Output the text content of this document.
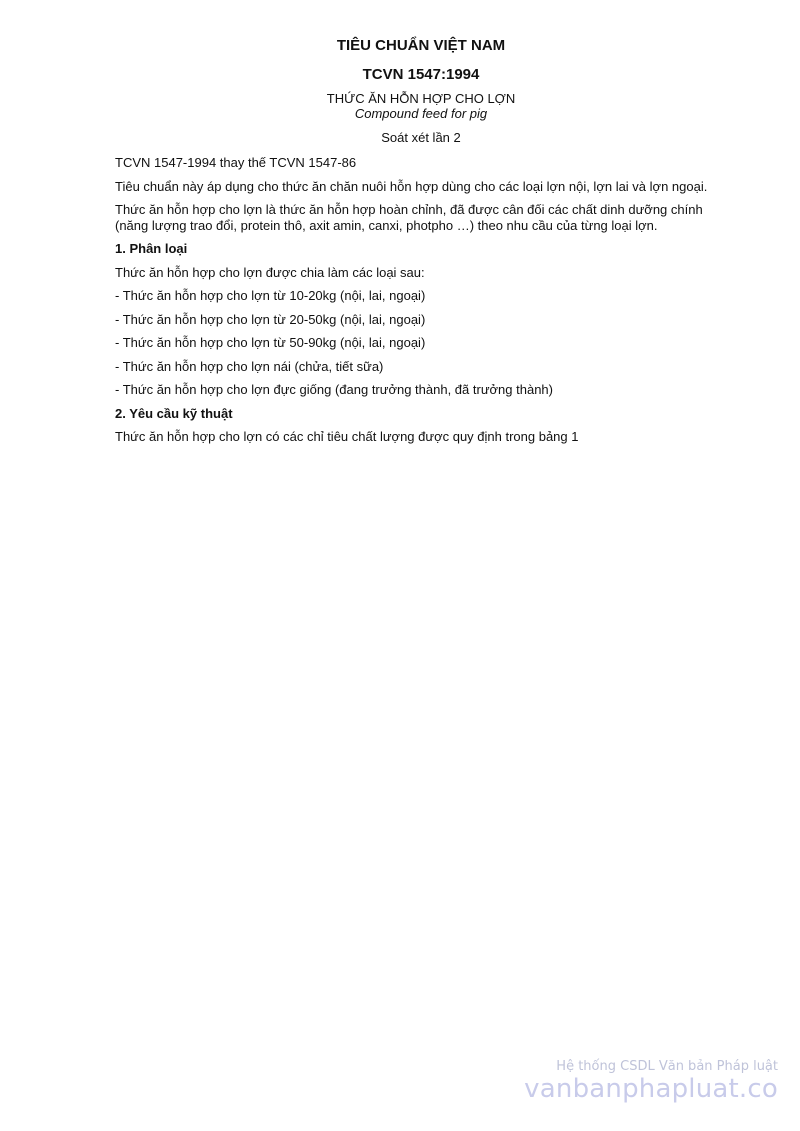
TIÊU CHUẨN VIỆT NAM
TCVN 1547:1994
THỨC ĂN HỖN HỢP CHO LỢN
Compound feed for pig
Soát xét lần 2

TCVN 1547-1994 thay thế TCVN 1547-86

Tiêu chuẩn này áp dụng cho thức ăn chăn nuôi hỗn hợp dùng cho các loại lợn nội, lợn lai và lợn ngoại.

Thức ăn hỗn hợp cho lợn là thức ăn hỗn hợp hoàn chỉnh, đã được cân đối các chất dinh dưỡng chính (năng lượng trao đổi, protein thô, axit amin, canxi, photpho …) theo nhu cầu của từng loại lợn.

1. Phân loại

Thức ăn hỗn hợp cho lợn được chia làm các loại sau:

- Thức ăn hỗn hợp cho lợn từ 10-20kg (nội, lai, ngoại)

- Thức ăn hỗn hợp cho lợn từ 20-50kg (nội, lai, ngoại)

- Thức ăn hỗn hợp cho lợn từ 50-90kg (nội, lai, ngoại)

- Thức ăn hỗn hợp cho lợn nái (chửa, tiết sữa)

- Thức ăn hỗn hợp cho lợn đực giống (đang trưởng thành, đã trưởng thành)

2. Yêu cầu kỹ thuật

Thức ăn hỗn hợp cho lợn có các chỉ tiêu chất lượng được quy định trong bảng 1

Hệ thống CSDL Văn bản Pháp luật
vanbanphapluat.co
